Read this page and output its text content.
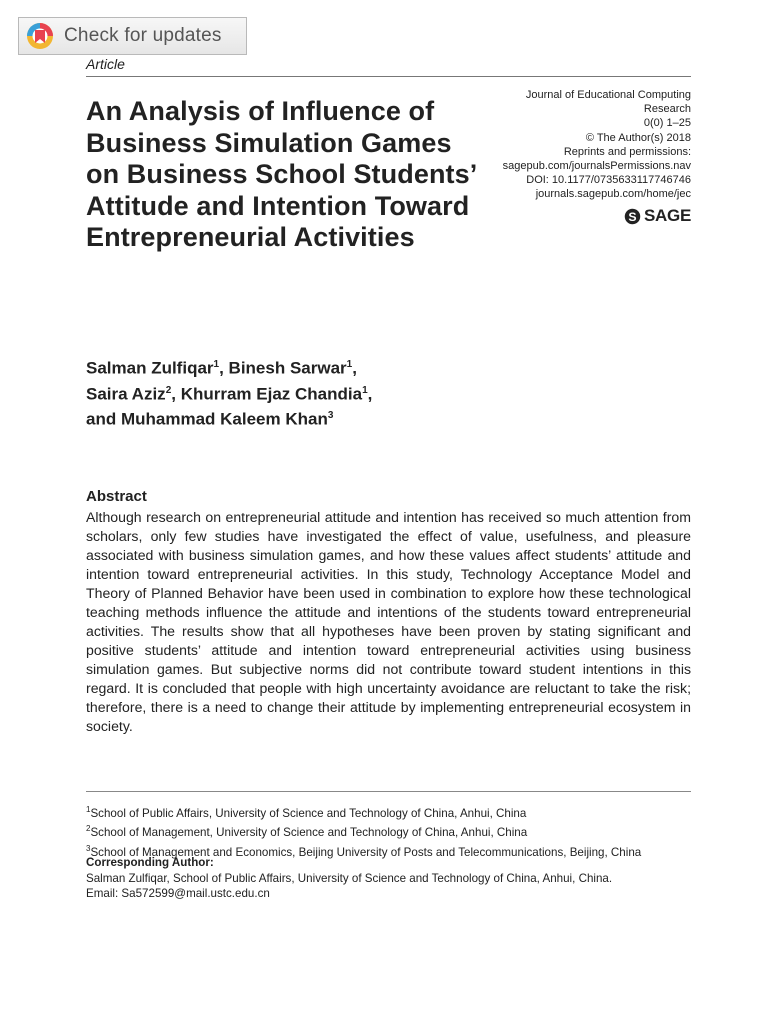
Check for updates
Article
An Analysis of Influence of Business Simulation Games on Business School Students’ Attitude and Intention Toward Entrepreneurial Activities
Journal of Educational Computing
Research
0(0) 1–25
© The Author(s) 2018
Reprints and permissions:
sagepub.com/journalsPermissions.nav
DOI: 10.1177/0735633117746746
journals.sagepub.com/home/jec
S SAGE
Salman Zulfiqar$^1$, Binesh Sarwar$^1$,
Saira Aziz$^2$, Khurram Ejaz Chandia$^1$,
and Muhammad Kaleem Khan$^3$
Abstract

Although research on entrepreneurial attitude and intention has received so much attention from scholars, only few studies have investigated the effect of value, usefulness, and pleasure associated with business simulation games, and how these values affect students’ attitude and intention toward entrepreneurial activities. In this study, Technology Acceptance Model and Theory of Planned Behavior have been used in combination to explore how these technological teaching methods influence the attitude and intentions of the students toward entrepreneurial activities. The results show that all hypotheses have been proven by stating significant and positive students’ attitude and intention toward entrepreneurial activities using business simulation games. But subjective norms did not contribute toward student intentions in this regard. It is concluded that people with high uncertainty avoidance are reluctant to take the risk; therefore, there is a need to change their attitude by implementing entrepreneurial ecosystem in society.

$^1$School of Public Affairs, University of Science and Technology of China, Anhui, China
$^2$School of Management, University of Science and Technology of China, Anhui, China
$^3$School of Management and Economics, Beijing University of Posts and Telecommunications, Beijing, China
Corresponding Author:
Salman Zulfiqar, School of Public Affairs, University of Science and Technology of China, Anhui, China.
Email: Sa572599@mail.ustc.edu.cn
